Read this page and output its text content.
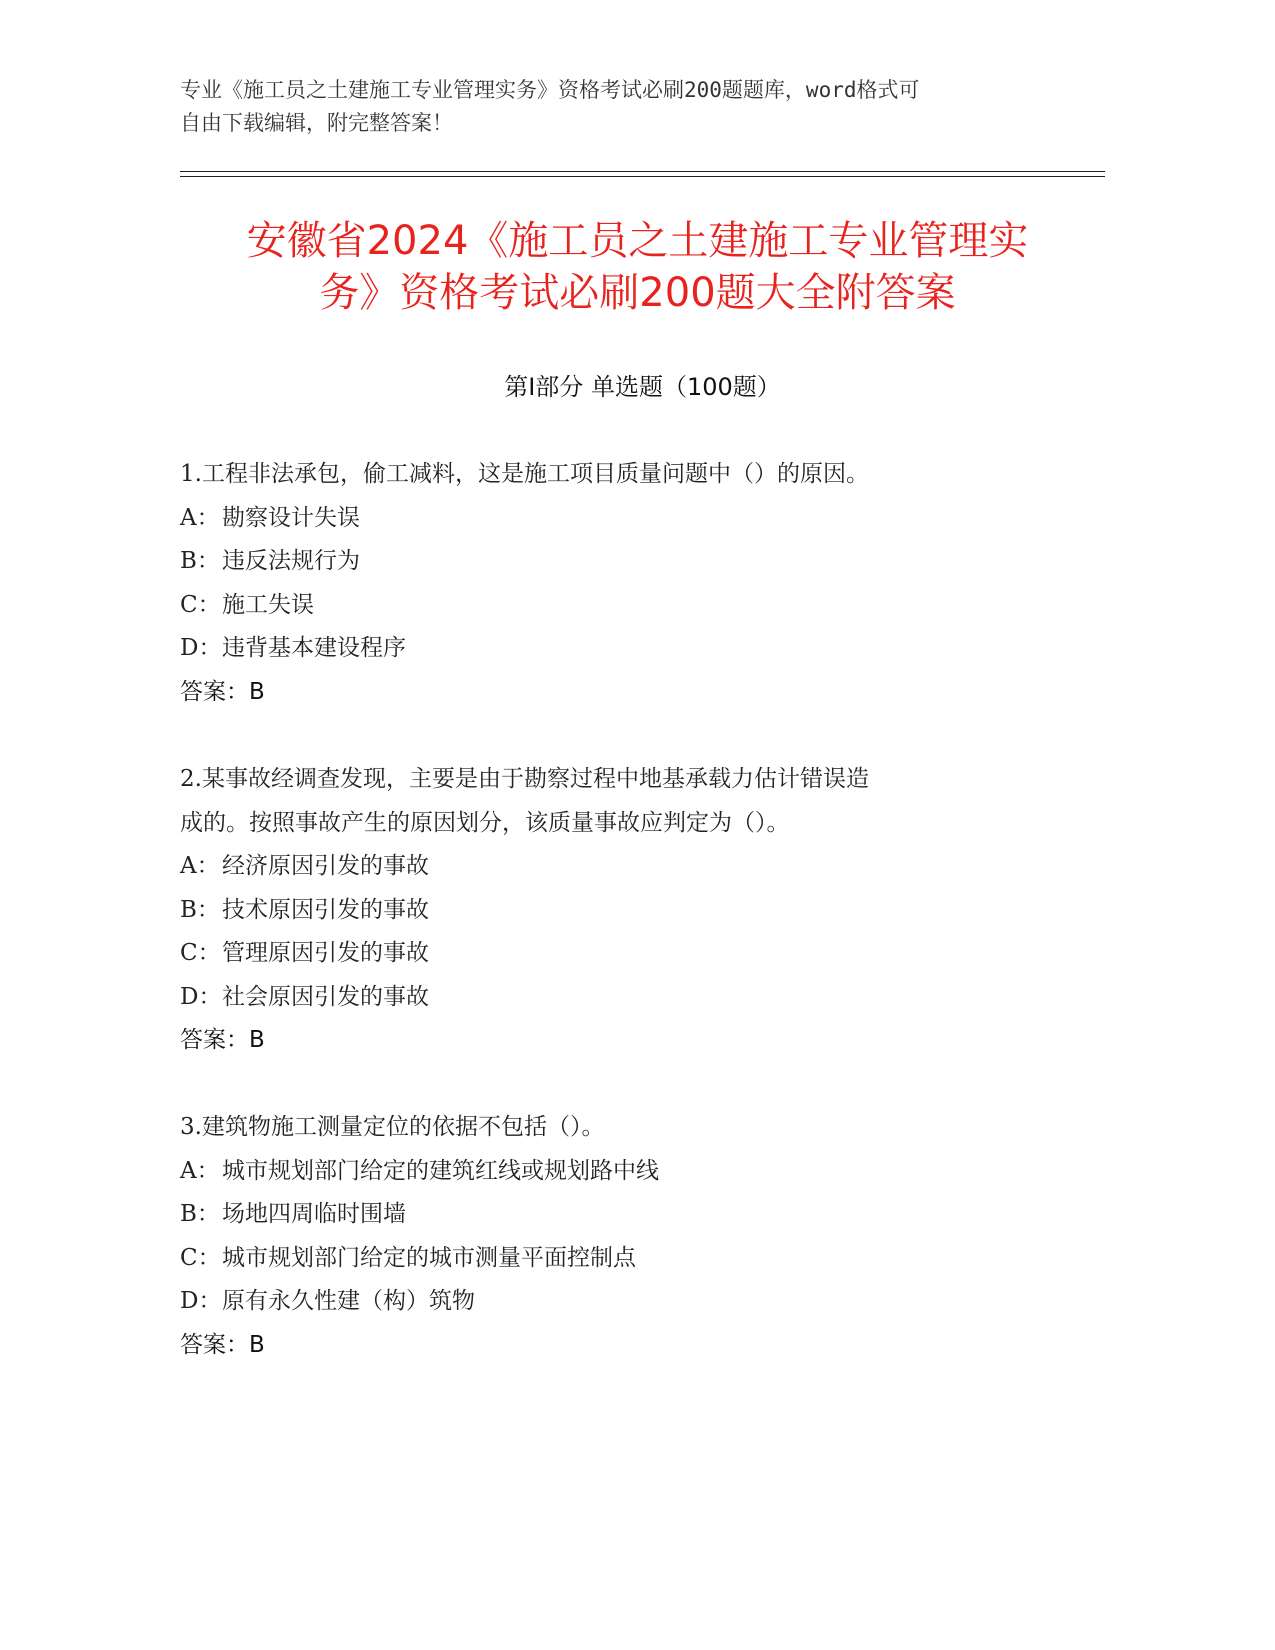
专业《施工员之土建施工专业管理实务》资格考试必刷200题题库，word格式可
自由下载编辑，附完整答案！
安徽省2024《施工员之土建施工专业管理实
务》资格考试必刷200题大全附答案
第Ⅰ部分 单选题（100题）

1.工程非法承包，偷工减料，这是施工项目质量问题中（）的原因。

A： 勘察设计失误

B： 违反法规行为

C： 施工失误

D： 违背基本建设程序

答案：B

2.某事故经调查发现，主要是由于勘察过程中地基承载力估计错误造

成的。按照事故产生的原因划分，该质量事故应判定为（）。

A： 经济原因引发的事故

B： 技术原因引发的事故

C： 管理原因引发的事故

D： 社会原因引发的事故

答案：B

3.建筑物施工测量定位的依据不包括（）。

A： 城市规划部门给定的建筑红线或规划路中线

B： 场地四周临时围墙

C： 城市规划部门给定的城市测量平面控制点

D： 原有永久性建（构）筑物

答案：B
